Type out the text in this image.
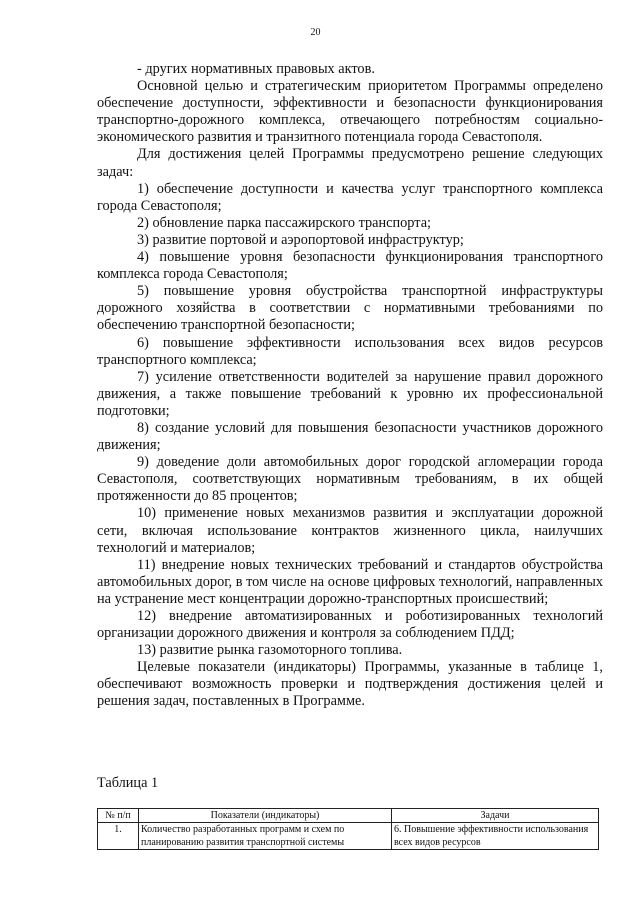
20

- других нормативных правовых актов.

Основной целью и стратегическим приоритетом Программы определено обеспечение доступности, эффективности и безопасности функционирования транспортно-дорожного комплекса, отвечающего потребностям социально-экономического развития и транзитного потенциала города Севастополя.

Для достижения целей Программы предусмотрено решение следующих задач:

1) обеспечение доступности и качества услуг транспортного комплекса города Севастополя;

2) обновление парка пассажирского транспорта;

3) развитие портовой и аэропортовой инфраструктур;

4) повышение уровня безопасности функционирования транспортного комплекса города Севастополя;

5) повышение уровня обустройства транспортной инфраструктуры дорожного хозяйства в соответствии с нормативными требованиями по обеспечению транспортной безопасности;

6) повышение эффективности использования всех видов ресурсов транспортного комплекса;

7) усиление ответственности водителей за нарушение правил дорожного движения, а также повышение требований к уровню их профессиональной подготовки;

8) создание условий для повышения безопасности участников дорожного движения;

9) доведение доли автомобильных дорог городской агломерации города Севастополя, соответствующих нормативным требованиям, в их общей протяженности до 85 процентов;

10) применение новых механизмов развития и эксплуатации дорожной сети, включая использование контрактов жизненного цикла, наилучших технологий и материалов;

11) внедрение новых технических требований и стандартов обустройства автомобильных дорог, в том числе на основе цифровых технологий, направленных на устранение мест концентрации дорожно-транспортных происшествий;

12) внедрение автоматизированных и роботизированных технологий организации дорожного движения и контроля за соблюдением ПДД;

13) развитие рынка газомоторного топлива.

Целевые показатели (индикаторы) Программы, указанные в таблице 1, обеспечивают возможность проверки и подтверждения достижения целей и решения задач, поставленных в Программе.

Таблица 1
№ п/п	Показатели (индикаторы)	Задачи
1.	Количество разработанных программ и схем по планированию развития транспортной системы	6. Повышение эффективности использования всех видов ресурсов
